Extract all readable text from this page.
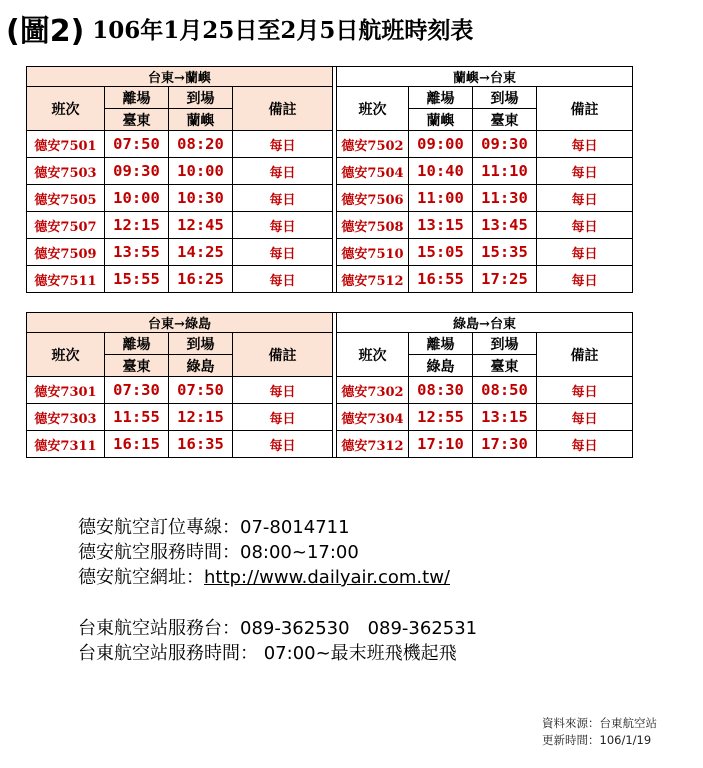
(圖2) 106年1月25日至2月5日航班時刻表
台東→蘭嶼					蘭嶼→台東			
班次	離場	到場	備註		班次	離場	到場	備註
	臺東	蘭嶼				蘭嶼	臺東	
德安7501	07:50	08:20	每日		德安7502	09:00	09:30	每日
德安7503	09:30	10:00	每日		德安7504	10:40	11:10	每日
德安7505	10:00	10:30	每日		德安7506	11:00	11:30	每日
德安7507	12:15	12:45	每日		德安7508	13:15	13:45	每日
德安7509	13:55	14:25	每日		德安7510	15:05	15:35	每日
德安7511	15:55	16:25	每日		德安7512	16:55	17:25	每日
台東→綠島					綠島→台東			
班次	離場	到場	備註		班次	離場	到場	備註
	臺東	綠島				綠島	臺東	
德安7301	07:30	07:50	每日		德安7302	08:30	08:50	每日
德安7303	11:55	12:15	每日		德安7304	12:55	13:15	每日
德安7311	16:15	16:35	每日		德安7312	17:10	17:30	每日
德安航空訂位專線：07-8014711
德安航空服務時間：08:00~17:00
德安航空網址：http://www.dailyair.com.tw/
台東航空站服務台：089-362530　089-362531
台東航空站服務時間： 07:00~最末班飛機起飛
資料來源：台東航空站
更新時間：106/1/19
